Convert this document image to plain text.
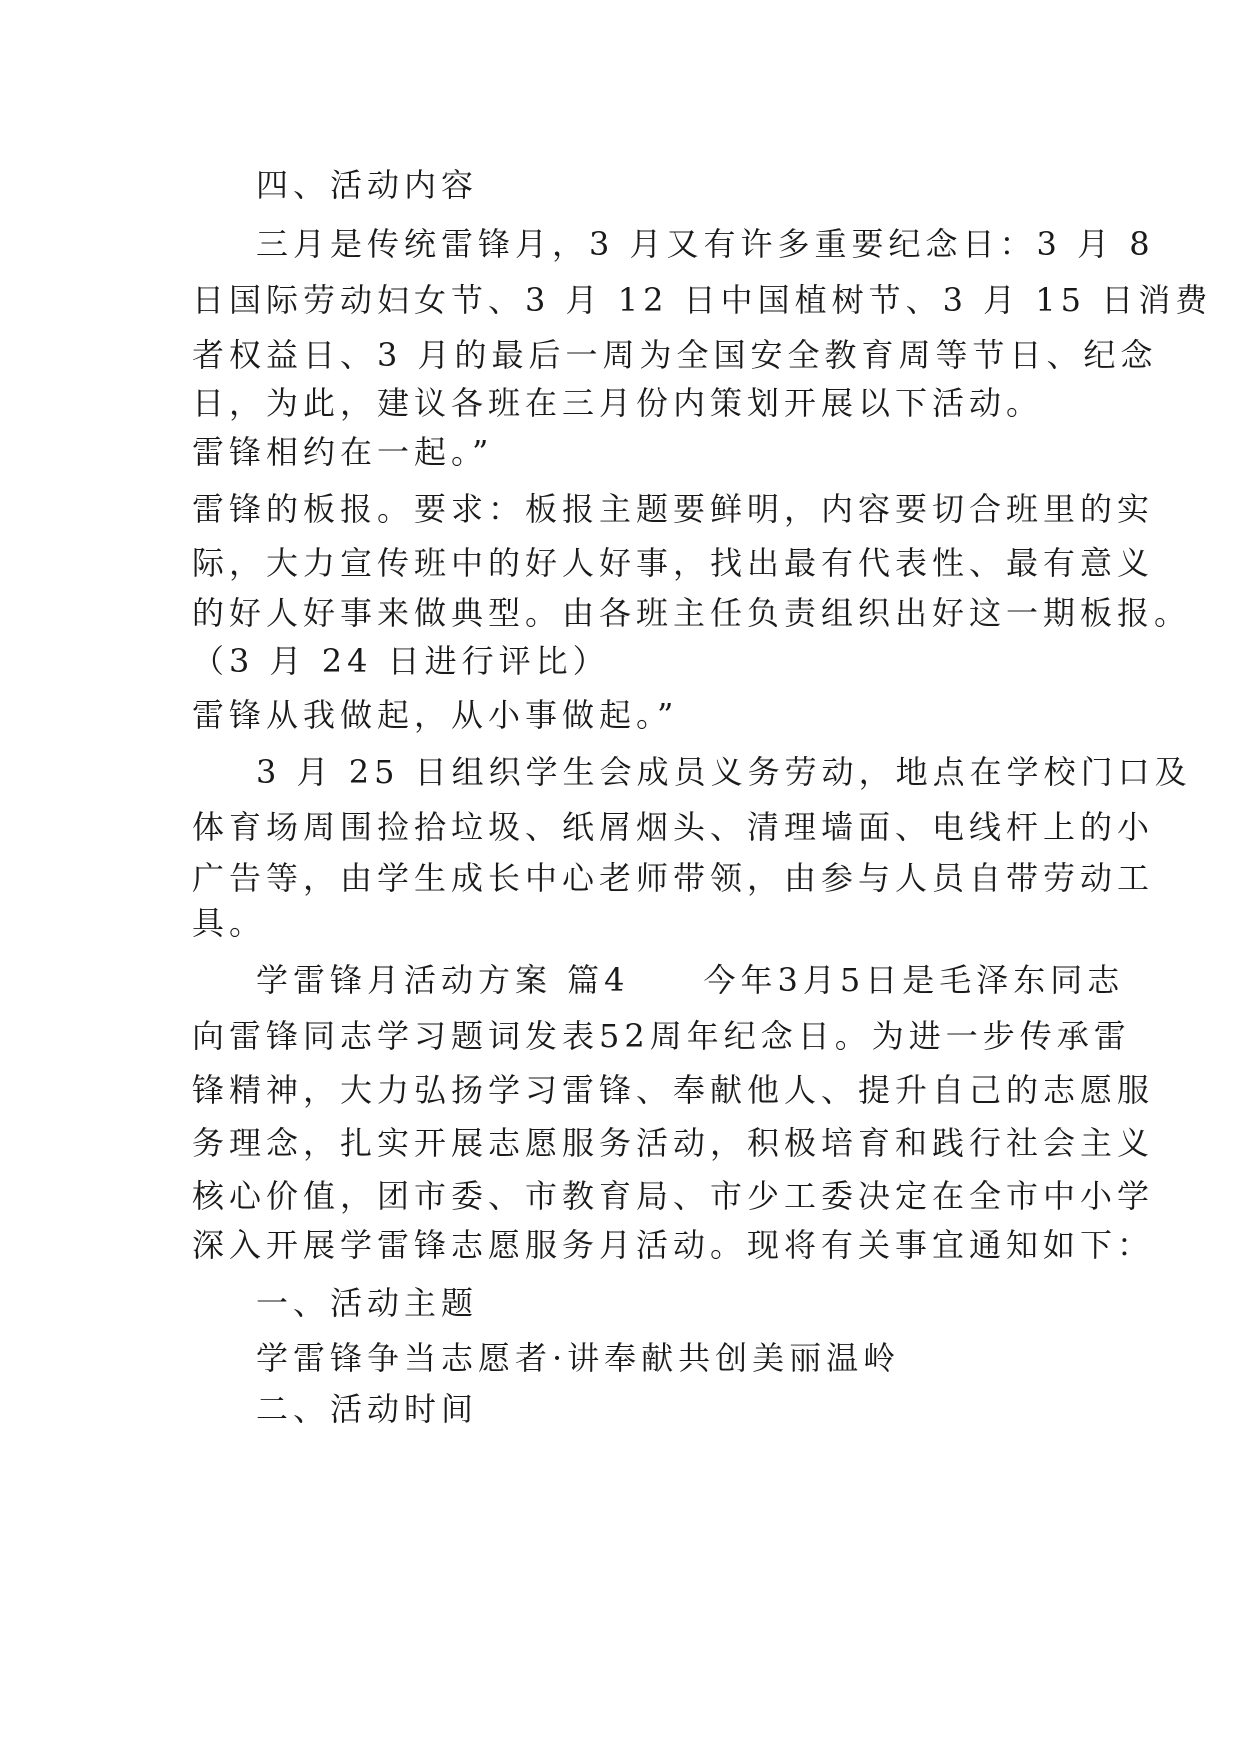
四、活动内容
三月是传统雷锋月，3 月又有许多重要纪念日：3 月 8
日国际劳动妇女节、3 月 12 日中国植树节、3 月 15 日消费
者权益日、3 月的最后一周为全国安全教育周等节日、纪念
日，为此，建议各班在三月份内策划开展以下活动。
雷锋相约在一起。”
雷锋的板报。要求：板报主题要鲜明，内容要切合班里的实
际，大力宣传班中的好人好事，找出最有代表性、最有意义
的好人好事来做典型。由各班主任负责组织出好这一期板报。
（3 月 24 日进行评比）
雷锋从我做起，从小事做起。”
3 月 25 日组织学生会成员义务劳动，地点在学校门口及
体育场周围捡拾垃圾、纸屑烟头、清理墙面、电线杆上的小
广告等，由学生成长中心老师带领，由参与人员自带劳动工
具。
学雷锋月活动方案 篇4　　今年3月5日是毛泽东同志
向雷锋同志学习题词发表52周年纪念日。为进一步传承雷
锋精神，大力弘扬学习雷锋、奉献他人、提升自己的志愿服
务理念，扎实开展志愿服务活动，积极培育和践行社会主义
核心价值，团市委、市教育局、市少工委决定在全市中小学
深入开展学雷锋志愿服务月活动。现将有关事宜通知如下：
一、活动主题
学雷锋争当志愿者·讲奉献共创美丽温岭
二、活动时间
